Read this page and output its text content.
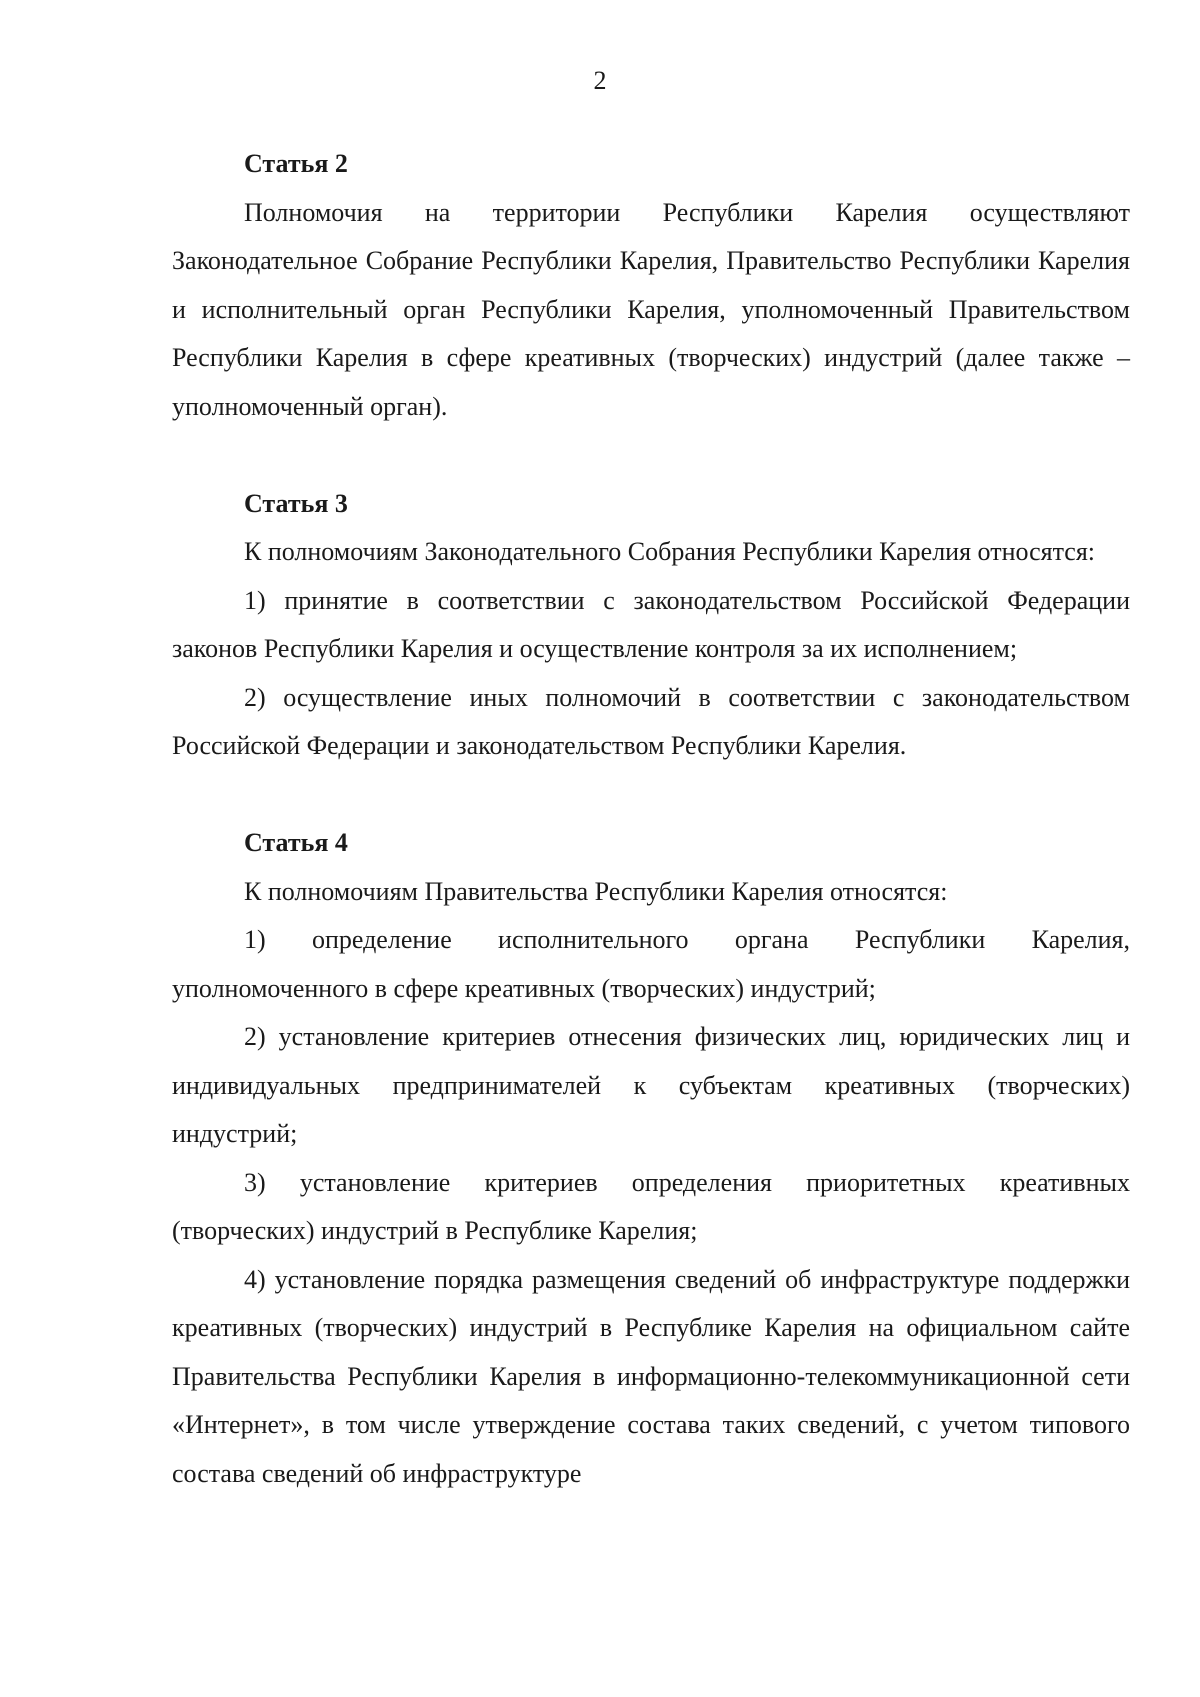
2

Статья 2

Полномочия на территории Республики Карелия осуществляют Законодательное Собрание Республики Карелия, Правительство Республики Карелия и исполнительный орган Республики Карелия, уполномоченный Правительством Республики Карелия в сфере креативных (творческих) индустрий (далее также – уполномоченный орган).

Статья 3

К полномочиям Законодательного Собрания Республики Карелия относятся:

1) принятие в соответствии с законодательством Российской Федерации законов Республики Карелия и осуществление контроля за их исполнением;

2) осуществление иных полномочий в соответствии с законодательством Российской Федерации и законодательством Республики Карелия.

Статья 4

К полномочиям Правительства Республики Карелия относятся:

1) определение исполнительного органа Республики Карелия, уполномоченного в сфере креативных (творческих) индустрий;

2) установление критериев отнесения физических лиц, юридических лиц и индивидуальных предпринимателей к субъектам креативных (творческих) индустрий;

3) установление критериев определения приоритетных креативных (творческих) индустрий в Республике Карелия;

4) установление порядка размещения сведений об инфраструктуре поддержки креативных (творческих) индустрий в Республике Карелия на официальном сайте Правительства Республики Карелия в информационно-телекоммуникационной сети «Интернет», в том числе утверждение состава таких сведений, с учетом типового состава сведений об инфраструктуре
